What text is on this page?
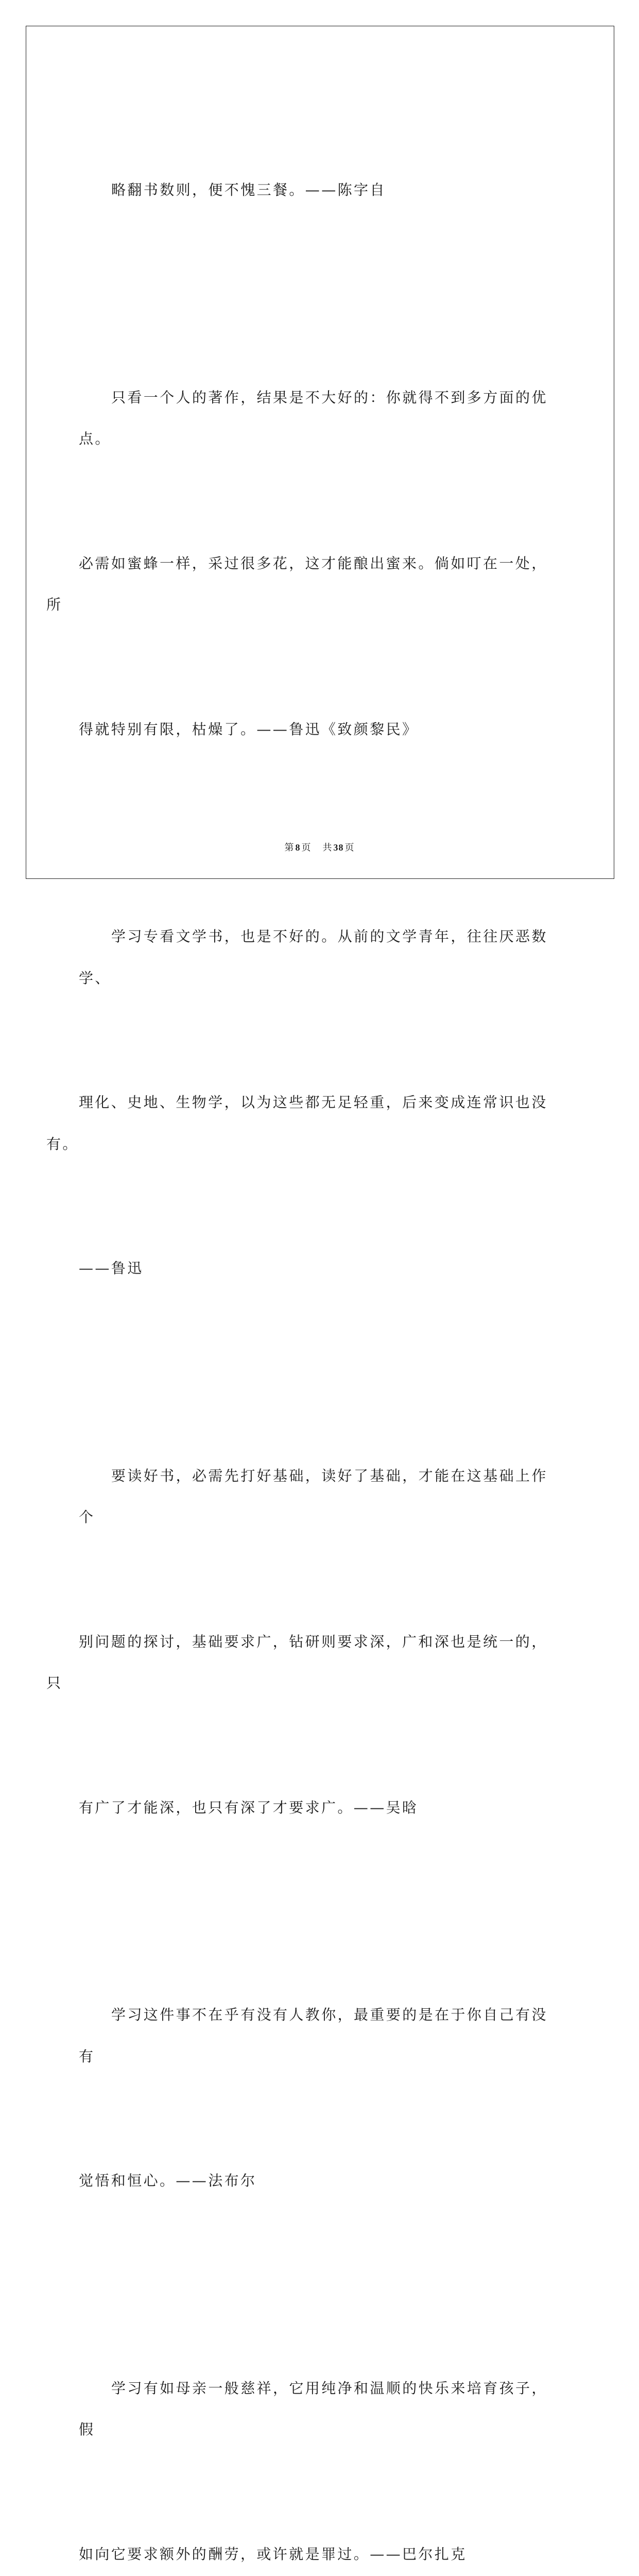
略翻书数则，便不愧三餐。——陈字自

只看一个人的著作，结果是不大好的：你就得不到多方面的优点。

必需如蜜蜂一样，采过很多花，这才能酿出蜜来。倘如叮在一处，所

得就特别有限，枯燥了。——鲁迅《致颜黎民》

学习专看文学书，也是不好的。从前的文学青年，往往厌恶数学、

理化、史地、生物学，以为这些都无足轻重，后来变成连常识也没有。

——鲁迅

要读好书，必需先打好基础，读好了基础，才能在这基础上作个

别问题的探讨，基础要求广，钻研则要求深，广和深也是统一的，只

有广了才能深，也只有深了才要求广。——吴晗

学习这件事不在乎有没有人教你，最重要的是在于你自己有没有

觉悟和恒心。——法布尔

学习有如母亲一般慈祥，它用纯净和温顺的快乐来培育孩子，假

如向它要求额外的酬劳，或许就是罪过。——巴尔扎克

第 8 页 共 38 页
